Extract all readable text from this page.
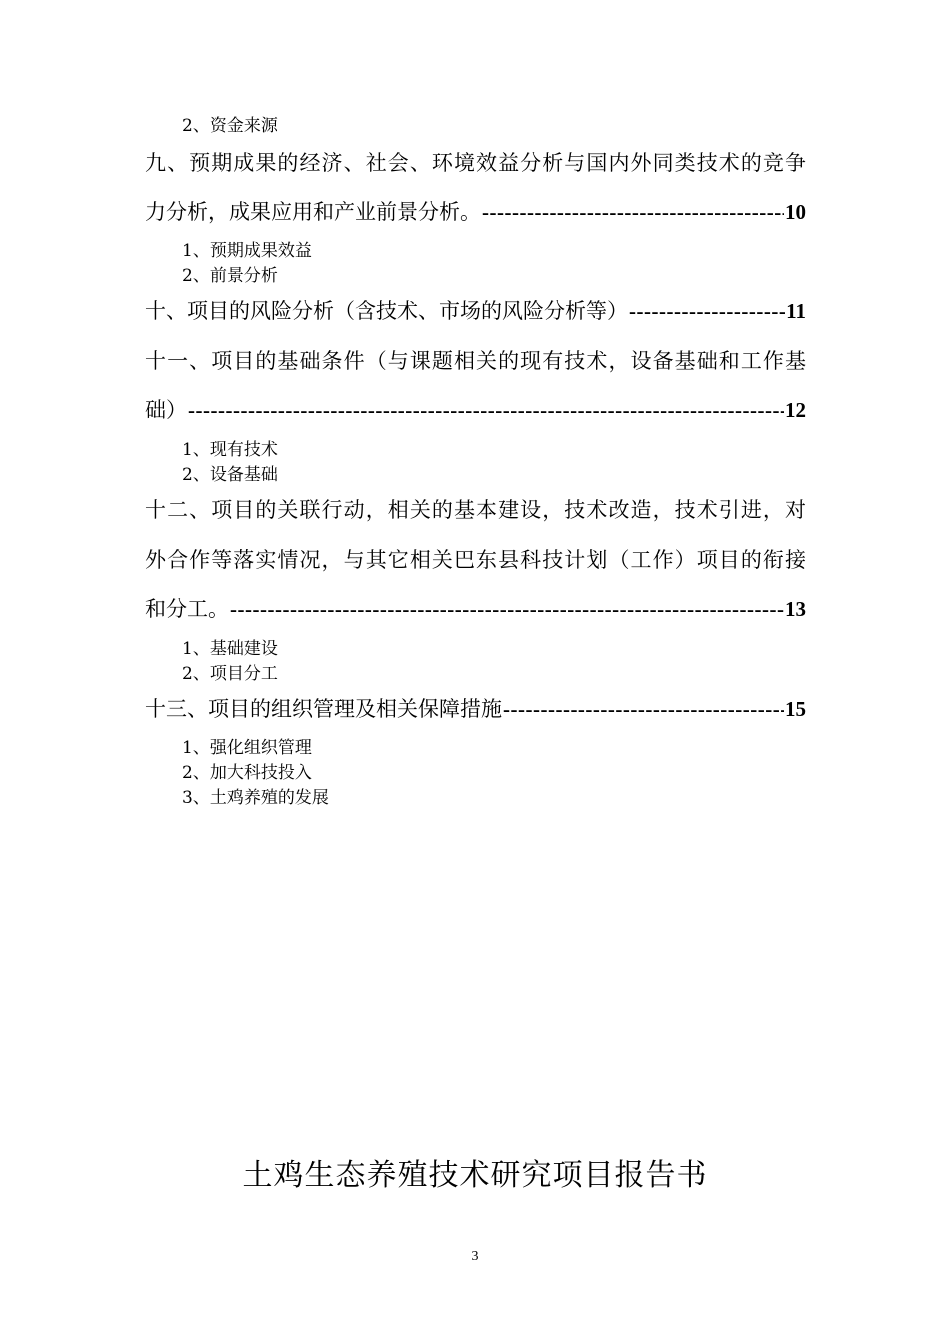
2、资金来源
九、预期成果的经济、社会、环境效益分析与国内外同类技术的竞争
力分析，成果应用和产业前景分析。 -----	10
1、预期成果效益
2、前景分析
十、项目的风险分析（含技术、市场的风险分析等） -----	11
十一、项目的基础条件（与课题相关的现有技术，设备基础和工作基
础） -----	12
1、现有技术
2、设备基础
十二、项目的关联行动，相关的基本建设，技术改造，技术引进，对
外合作等落实情况，与其它相关巴东县科技计划（工作）项目的衔接
和分工。 -----	13
1、基础建设
2、项目分工
十三、项目的组织管理及相关保障措施 -----	15
1、强化组织管理
2、加大科技投入
3、土鸡养殖的发展
土鸡生态养殖技术研究项目报告书
3
